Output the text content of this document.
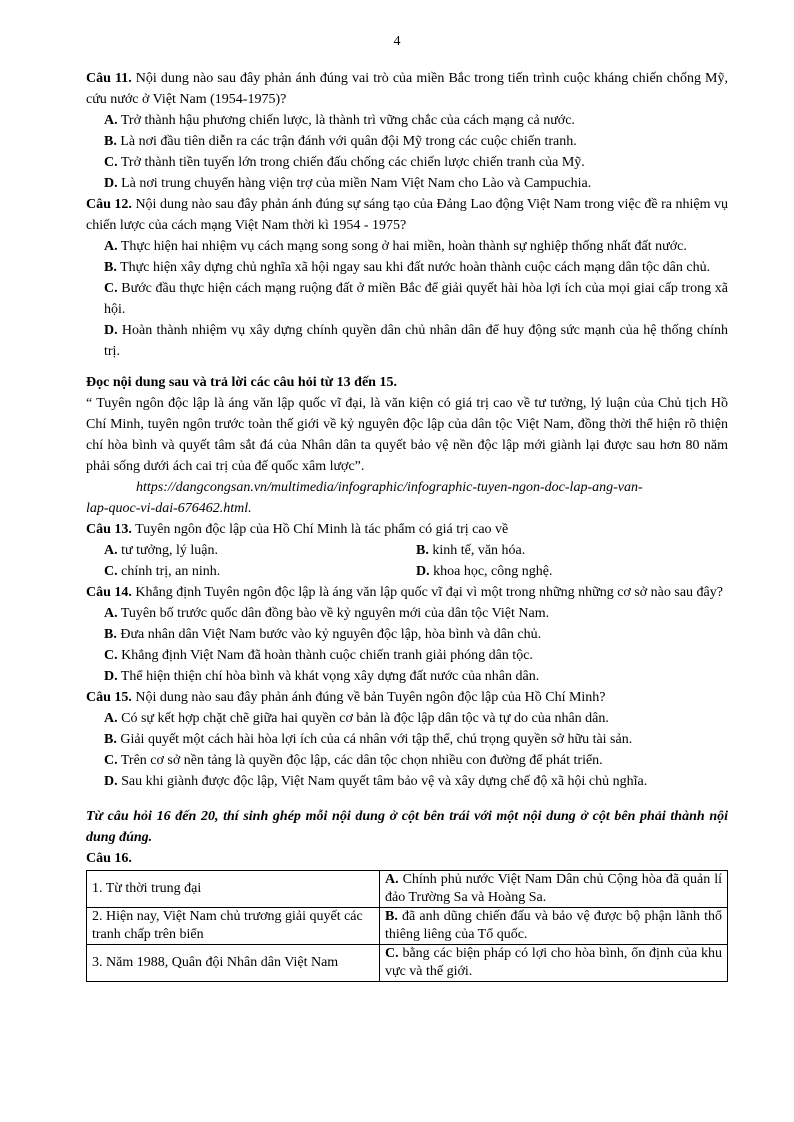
4
Câu 11. Nội dung nào sau đây phản ánh đúng vai trò của miền Bắc trong tiến trình cuộc kháng chiến chống Mỹ, cứu nước ở Việt Nam (1954-1975)?
A. Trở thành hậu phương chiến lược, là thành trì vững chắc của cách mạng cả nước.
B. Là nơi đầu tiên diễn ra các trận đánh với quân đội Mỹ trong các cuộc chiến tranh.
C. Trở thành tiền tuyến lớn trong chiến đấu chống các chiến lược chiến tranh của Mỹ.
D. Là nơi trung chuyển hàng viện trợ của miền Nam Việt Nam cho Lào và Campuchia.
Câu 12. Nội dung nào sau đây phản ánh đúng sự sáng tạo của Đảng Lao động Việt Nam trong việc đề ra nhiệm vụ chiến lược của cách mạng Việt Nam thời kì 1954 - 1975?
A. Thực hiện hai nhiệm vụ cách mạng song song ở hai miền, hoàn thành sự nghiệp thống nhất đất nước.
B. Thực hiện xây dựng chủ nghĩa xã hội ngay sau khi đất nước hoàn thành cuộc cách mạng dân tộc dân chủ.
C. Bước đầu thực hiện cách mạng ruộng đất ở miền Bắc để giải quyết hài hòa lợi ích của mọi giai cấp trong xã hội.
D. Hoàn thành nhiệm vụ xây dựng chính quyền dân chủ nhân dân để huy động sức mạnh của hệ thống chính trị.
Đọc nội dung sau và trả lời các câu hỏi từ 13 đến 15.
“ Tuyên ngôn độc lập là áng văn lập quốc vĩ đại, là văn kiện có giá trị cao về tư tưởng, lý luận của Chủ tịch Hồ Chí Minh, tuyên ngôn trước toàn thế giới về kỷ nguyên độc lập của dân tộc Việt Nam, đồng thời thể hiện rõ thiện chí hòa bình và quyết tâm sắt đá của Nhân dân ta quyết bảo vệ nền độc lập mới giành lại được sau hơn 80 năm phải sống dưới ách cai trị của đế quốc xâm lược”.
https://dangcongsan.vn/multimedia/infographic/infographic-tuyen-ngon-doc-lap-ang-van-
lap-quoc-vi-dai-676462.html.
Câu 13. Tuyên ngôn độc lập của Hồ Chí Minh là tác phẩm có giá trị cao về
A. tư tưởng, lý luận.	B. kinh tế, văn hóa.
C. chính trị, an ninh.	D. khoa học, công nghệ.
Câu 14. Khẳng định Tuyên ngôn độc lập là áng văn lập quốc vĩ đại vì một trong những những cơ sở nào sau đây?
A. Tuyên bố trước quốc dân đồng bào về kỷ nguyên mới của dân tộc Việt Nam.
B. Đưa nhân dân Việt Nam bước vào kỷ nguyên độc lập, hòa bình và dân chủ.
C. Khẳng định Việt Nam đã hoàn thành cuộc chiến tranh giải phóng dân tộc.
D. Thể hiện thiện chí hòa bình và khát vọng xây dựng đất nước của nhân dân.
Câu 15. Nội dung nào sau đây phản ánh đúng về bản Tuyên ngôn độc lập của Hồ Chí Minh?
A. Có sự kết hợp chặt chẽ giữa hai quyền cơ bản là độc lập dân tộc và tự do của nhân dân.
B. Giải quyết một cách hài hòa lợi ích của cá nhân với tập thể, chú trọng quyền sở hữu tài sản.
C. Trên cơ sở nền tảng là quyền độc lập, các dân tộc chọn nhiều con đường để phát triển.
D. Sau khi giành được độc lập, Việt Nam quyết tâm bảo vệ và xây dựng chế độ xã hội chủ nghĩa.
Từ câu hỏi 16 đến 20, thí sinh ghép mỗi nội dung ở cột bên trái với một nội dung ở cột bên phải thành nội dung đúng.
Câu 16.
1. Từ thời trung đại	A. Chính phủ nước Việt Nam Dân chủ Cộng hòa đã quản lí đảo Trường Sa và Hoàng Sa.
2. Hiện nay, Việt Nam chủ trương giải quyết các tranh chấp trên biển	B. đã anh dũng chiến đấu và bảo vệ được bộ phận lãnh thổ thiêng liêng của Tổ quốc.
3. Năm 1988, Quân đội Nhân dân Việt Nam	C. bằng các biện pháp có lợi cho hòa bình, ổn định của khu vực và thế giới.
